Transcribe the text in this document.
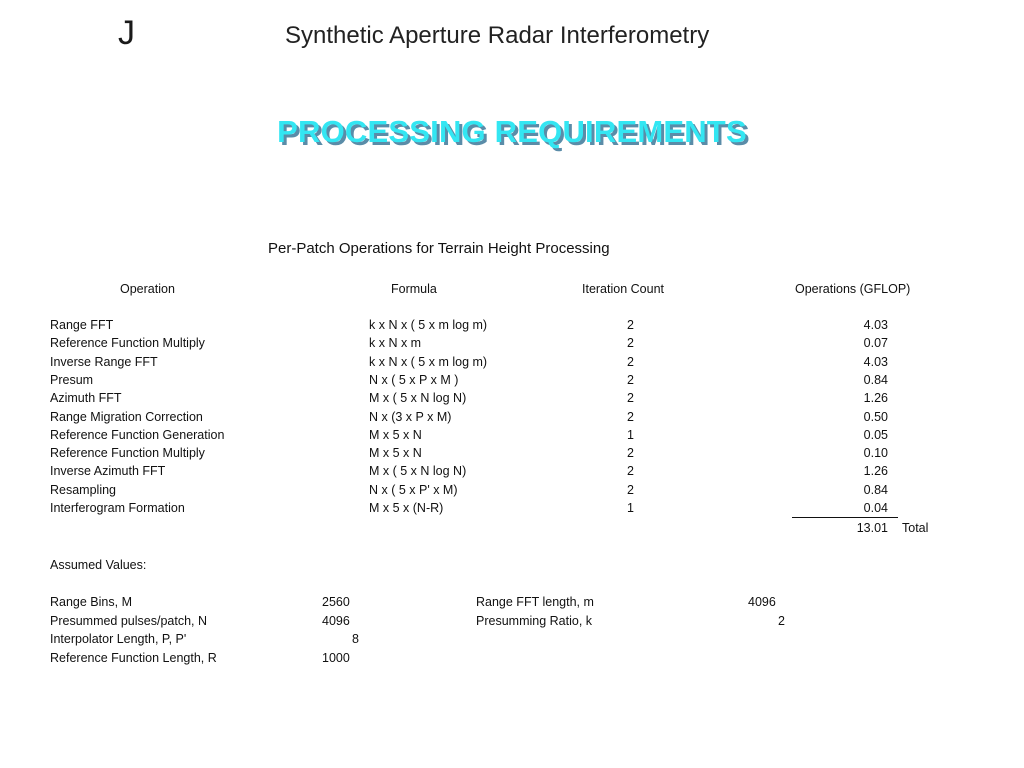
J	Synthetic Aperture Radar Interferometry
PROCESSING REQUIREMENTS
Per-Patch Operations for Terrain Height Processing
Operation	Formula	Iteration Count	Operations (GFLOP)
Range FFT	k x N x ( 5 x m log m)	2	4.03
Reference Function Multiply	k x N x m	2	0.07
Inverse Range FFT	k x N x ( 5 x m log m)	2	4.03
Presum	N x ( 5 x P x M )	2	0.84
Azimuth FFT	M x ( 5 x N log N)	2	1.26
Range Migration Correction	N x (3 x P x M)	2	0.50
Reference Function Generation	M x 5 x N	1	0.05
Reference Function Multiply	M x 5 x N	2	0.10
Inverse Azimuth FFT	M x ( 5 x N log N)	2	1.26
Resampling	N x ( 5 x P' x M)	2	0.84
Interferogram Formation	M x 5 x (N-R)	1	0.04
13.01 Total
Assumed Values:
Range Bins, M	2560	Range FFT length, m	4096
Presummed pulses/patch, N	4096	Presumming Ratio, k	2
Interpolator Length, P, P'	8
Reference Function Length, R	1000
